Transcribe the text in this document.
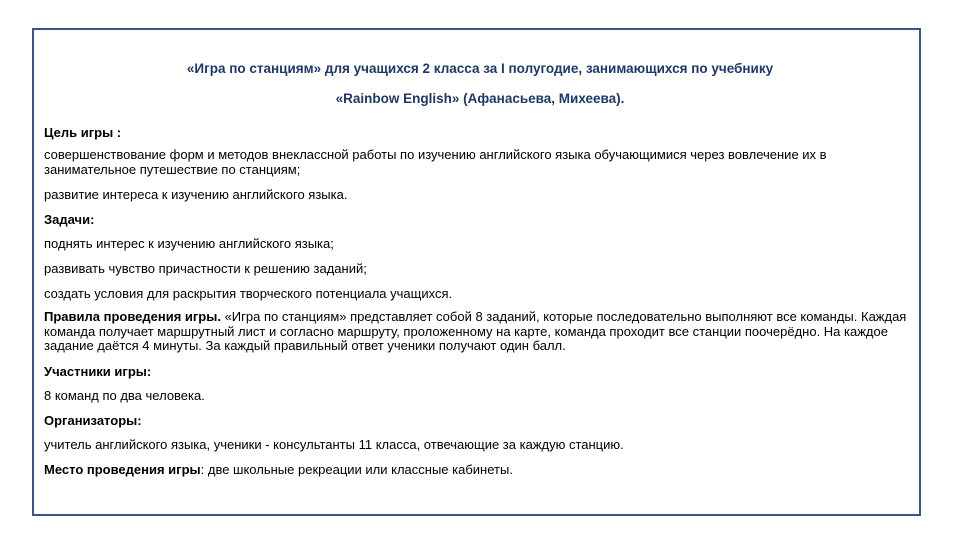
«Игра по станциям» для учащихся 2 класса за I полугодие, занимающихся по учебнику
«Rainbow English» (Афанасьева, Михеева).

Цель игры :

совершенствование форм и методов внеклассной работы по изучению английского языка обучающимися через вовлечение их в занимательное путешествие по станциям;

развитие интереса к изучению английского языка.

Задачи:

поднять интерес к изучению английского языка;

развивать чувство причастности к решению заданий;

создать условия для раскрытия творческого потенциала учащихся.

Правила проведения игры. «Игра по станциям» представляет собой 8 заданий, которые последовательно выполняют все команды. Каждая команда получает маршрутный лист и согласно маршруту, проложенному на карте, команда проходит все станции поочерёдно. На каждое задание даётся 4 минуты. За каждый правильный ответ ученики получают один балл.

Участники игры:

8 команд по два человека.

Организаторы:

учитель английского языка, ученики - консультанты 11 класса, отвечающие за каждую станцию.

Место проведения игры: две школьные рекреации или классные кабинеты.
